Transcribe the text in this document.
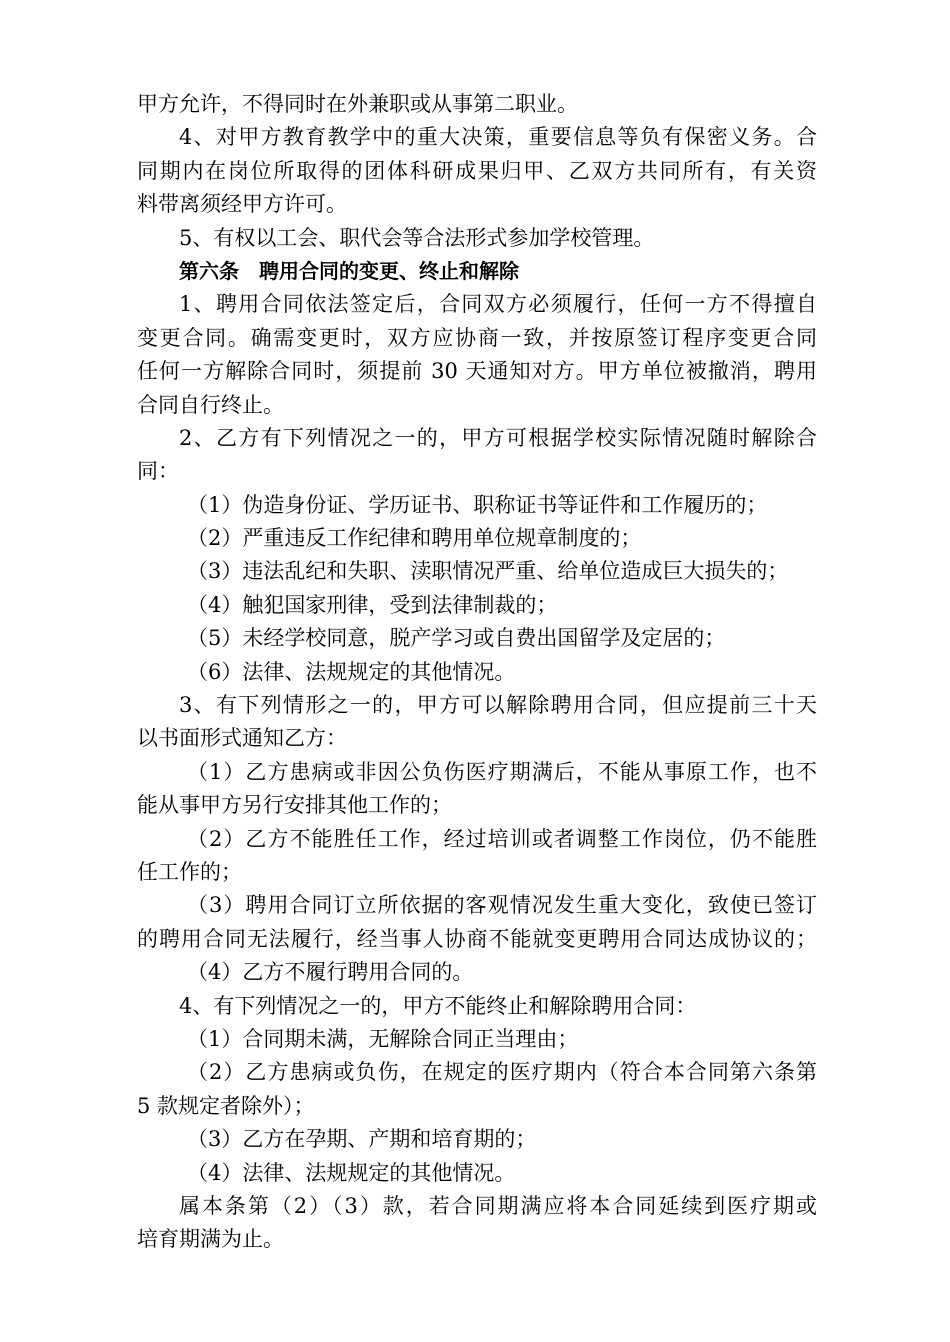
甲方允许，不得同时在外兼职或从事第二职业。
4、对甲方教育教学中的重大决策，重要信息等负有保密义务。合
同期内在岗位所取得的团体科研成果归甲、乙双方共同所有，有关资
料带离须经甲方许可。
5、有权以工会、职代会等合法形式参加学校管理。
第六条　聘用合同的变更、终止和解除
1、聘用合同依法签定后，合同双方必须履行，任何一方不得擅自
变更合同。确需变更时，双方应协商一致，并按原签订程序变更合同
任何一方解除合同时，须提前 30 天通知对方。甲方单位被撤消，聘用
合同自行终止。
2、乙方有下列情况之一的，甲方可根据学校实际情况随时解除合
同：
（1）伪造身份证、学历证书、职称证书等证件和工作履历的；
（2）严重违反工作纪律和聘用单位规章制度的；
（3）违法乱纪和失职、渎职情况严重、给单位造成巨大损失的；
（4）触犯国家刑律，受到法律制裁的；
（5）未经学校同意，脱产学习或自费出国留学及定居的；
（6）法律、法规规定的其他情况。
3、有下列情形之一的，甲方可以解除聘用合同，但应提前三十天
以书面形式通知乙方：
（1）乙方患病或非因公负伤医疗期满后，不能从事原工作，也不
能从事甲方另行安排其他工作的；
（2）乙方不能胜任工作，经过培训或者调整工作岗位，仍不能胜
任工作的；
（3）聘用合同订立所依据的客观情况发生重大变化，致使已签订
的聘用合同无法履行，经当事人协商不能就变更聘用合同达成协议的；
（4）乙方不履行聘用合同的。
4、有下列情况之一的，甲方不能终止和解除聘用合同：
（1）合同期未满，无解除合同正当理由；
（2）乙方患病或负伤，在规定的医疗期内（符合本合同第六条第
5 款规定者除外）；
（3）乙方在孕期、产期和培育期的；
（4）法律、法规规定的其他情况。
属本条第（2）（3）款，若合同期满应将本合同延续到医疗期或
培育期满为止。
